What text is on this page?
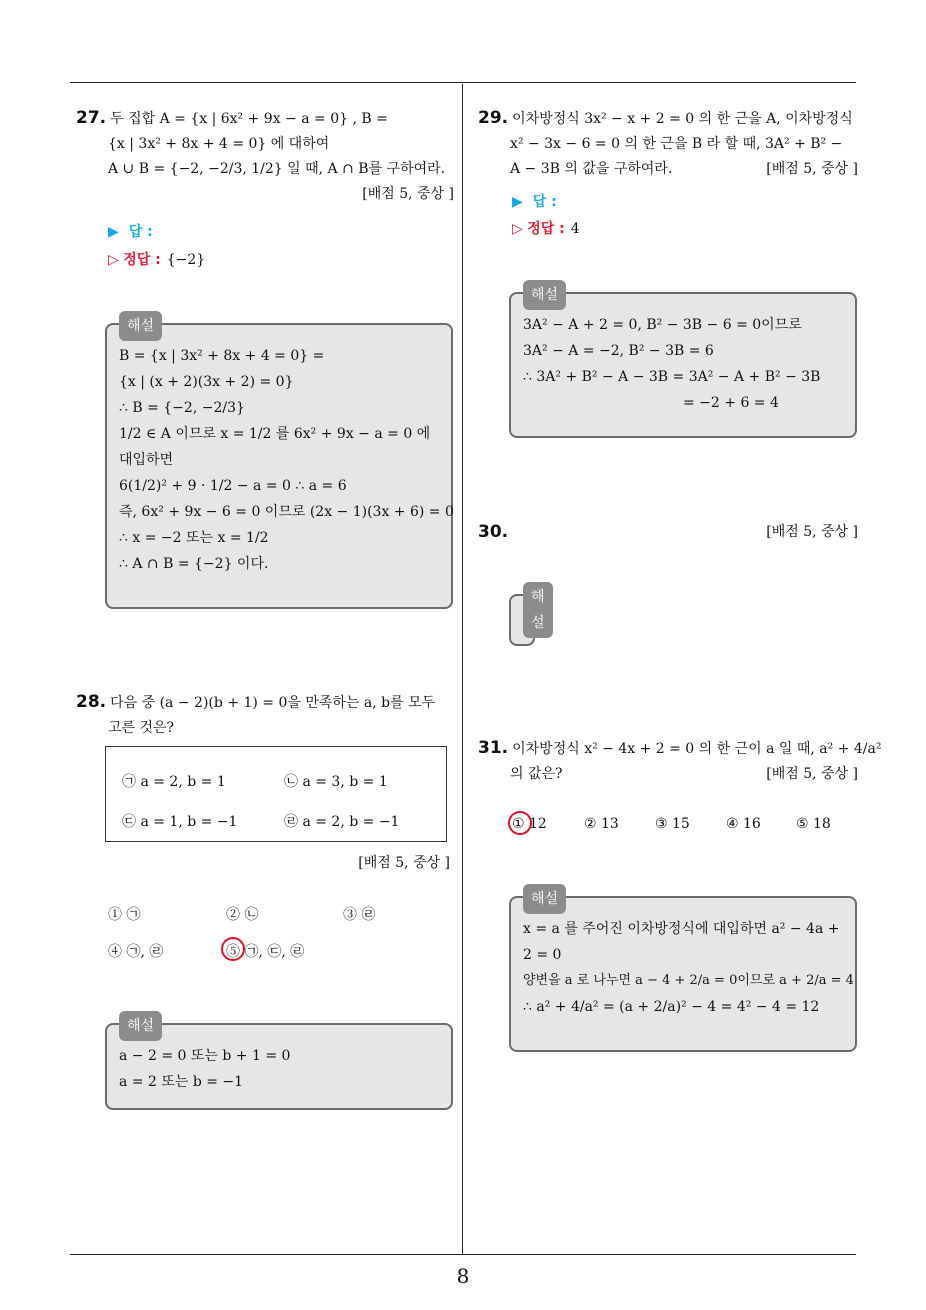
8
27. 두 집합 A = {x | 6x² + 9x − a = 0} , B =
{x | 3x² + 8x + 4 = 0} 에 대하여
A ∪ B = {−2, −2/3, 1/2} 일 때, A ∩ B를 구하여라.
[배점 5, 중상 ]
▶ 답 :
▷ 정답 : {−2}
해설
B = {x | 3x² + 8x + 4 = 0} =
{x | (x + 2)(3x + 2) = 0}
∴ B = {−2, −2/3}
1/2 ∈ A 이므로 x = 1/2 를 6x² + 9x − a = 0 에
대입하면
6(1/2)² + 9 · 1/2 − a = 0 ∴ a = 6
즉, 6x² + 9x − 6 = 0 이므로 (2x − 1)(3x + 6) = 0
∴ x = −2 또는 x = 1/2
∴ A ∩ B = {−2} 이다.
28. 다음 중 (a − 2)(b + 1) = 0을 만족하는 a, b를 모두
고른 것은?
㉠ a = 2, b = 1	㉡ a = 3, b = 1
㉢ a = 1, b = −1	㉣ a = 2, b = −1
[배점 5, 중상 ]
① ㉠	② ㉡	③ ㉣
④ ㉠, ㉣	⑤ ㉠, ㉢, ㉣
해설
a − 2 = 0 또는 b + 1 = 0
a = 2 또는 b = −1
29. 이차방정식 3x² − x + 2 = 0 의 한 근을 A, 이차방정식
x² − 3x − 6 = 0 의 한 근을 B 라 할 때, 3A² + B² −
A − 3B 의 값을 구하여라.	[배점 5, 중상 ]
▶ 답 :
▷ 정답 : 4
해설
3A² − A + 2 = 0, B² − 3B − 6 = 0이므로
3A² − A = −2, B² − 3B = 6
∴ 3A² + B² − A − 3B = 3A² − A + B² − 3B
= −2 + 6 = 4
30.	[배점 5, 중상 ]
해설
31. 이차방정식 x² − 4x + 2 = 0 의 한 근이 a 일 때, a² + 4/a²
의 값은?	[배점 5, 중상 ]
① 12	② 13	③ 15	④ 16	⑤ 18
해설
x = a 를 주어진 이차방정식에 대입하면 a² − 4a +
2 = 0
양변을 a 로 나누면 a − 4 + 2/a = 0이므로 a + 2/a = 4
∴ a² + 4/a² = (a + 2/a)² − 4 = 4² − 4 = 12
